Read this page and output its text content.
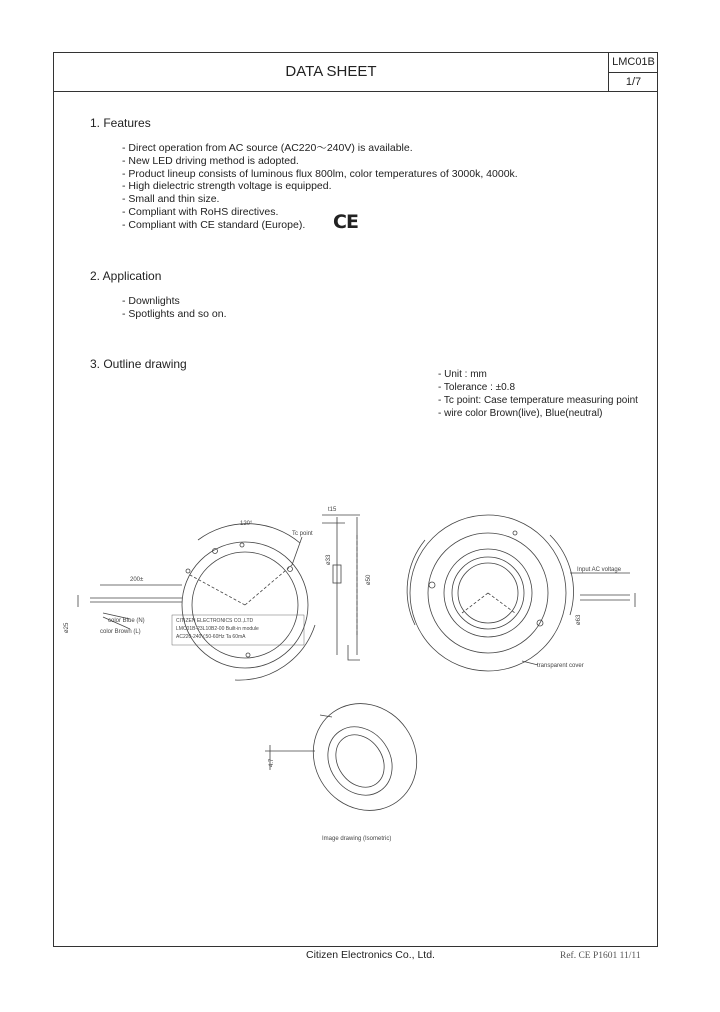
DATA SHEET
LMC01B
1/7
1. Features
- Direct operation from AC source (AC220〜240V) is available.
- New LED driving method is adopted.
- Product lineup consists of luminous flux 800lm, color temperatures of 3000k, 4000k.
- High dielectric strength voltage is equipped.
- Small and thin size.
- Compliant with RoHS directives.
- Compliant with CE standard (Europe).	CE
2. Application
- Downlights
- Spotlights and so on.
3. Outline drawing
- Unit : mm
- Tolerance : ±0.8
- Tc point: Case temperature measuring point
- wire color Brown(live), Blue(neutral)
120°
Tc point
200±
ø25
color Blue (N)
color Brown (L)
CITIZEN ELECTRONICS CO.,LTD
LMC01B-23L10B2-00 Built-in module
AC220-240V,50-60Hz Ta 60mA
t15
ø50
ø33
transparent cover
Input AC voltage
ø63
4.7
Image drawing (Isometric)
Citizen Electronics Co., Ltd.	Ref. CE P1601 11/11
